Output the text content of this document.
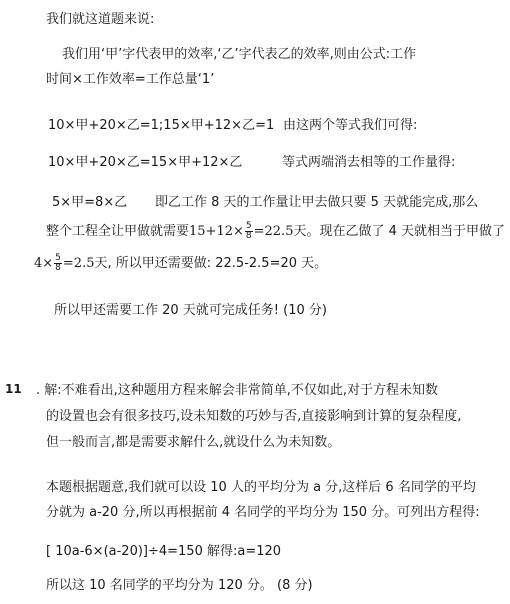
我们就这道题来说:
我们用‘甲’字代表甲的效率,‘乙’字代表乙的效率,则由公式:工作
时间×工作效率=工作总量‘1’
10×甲+20×乙=1;15×甲+12×乙=1 由这两个等式我们可得:
10×甲+20×乙=15×甲+12×乙	等式两端消去相等的工作量得:
5×甲=8×乙 即乙工作 8 天的工作量让甲去做只要 5 天就能完成,那么
整个工程全让甲做就需要$15+12\times \frac{5}{8} =22.5$天。现在乙做了 4 天就相当于甲做了
$4\times \frac{5}{8} =2.5$天, 所以甲还需要做: 22.5-2.5=20 天。
所以甲还需要工作 20 天就可完成任务! (10 分)
11 . 解:不难看出,这种题用方程来解会非常简单,不仅如此,对于方程未知数
的设置也会有很多技巧,设未知数的巧妙与否,直接影响到计算的复杂程度,
但一般而言,都是需要求解什么,就设什么为未知数。
本题根据题意,我们就可以设 10 人的平均分为 a 分,这样后 6 名同学的平均
分就为 a-20 分,所以再根据前 4 名同学的平均分为 150 分。可列出方程得:
[ 10a-6×(a-20)]÷4=150 解得:a=120
所以这 10 名同学的平均分为 120 分。 (8 分)
